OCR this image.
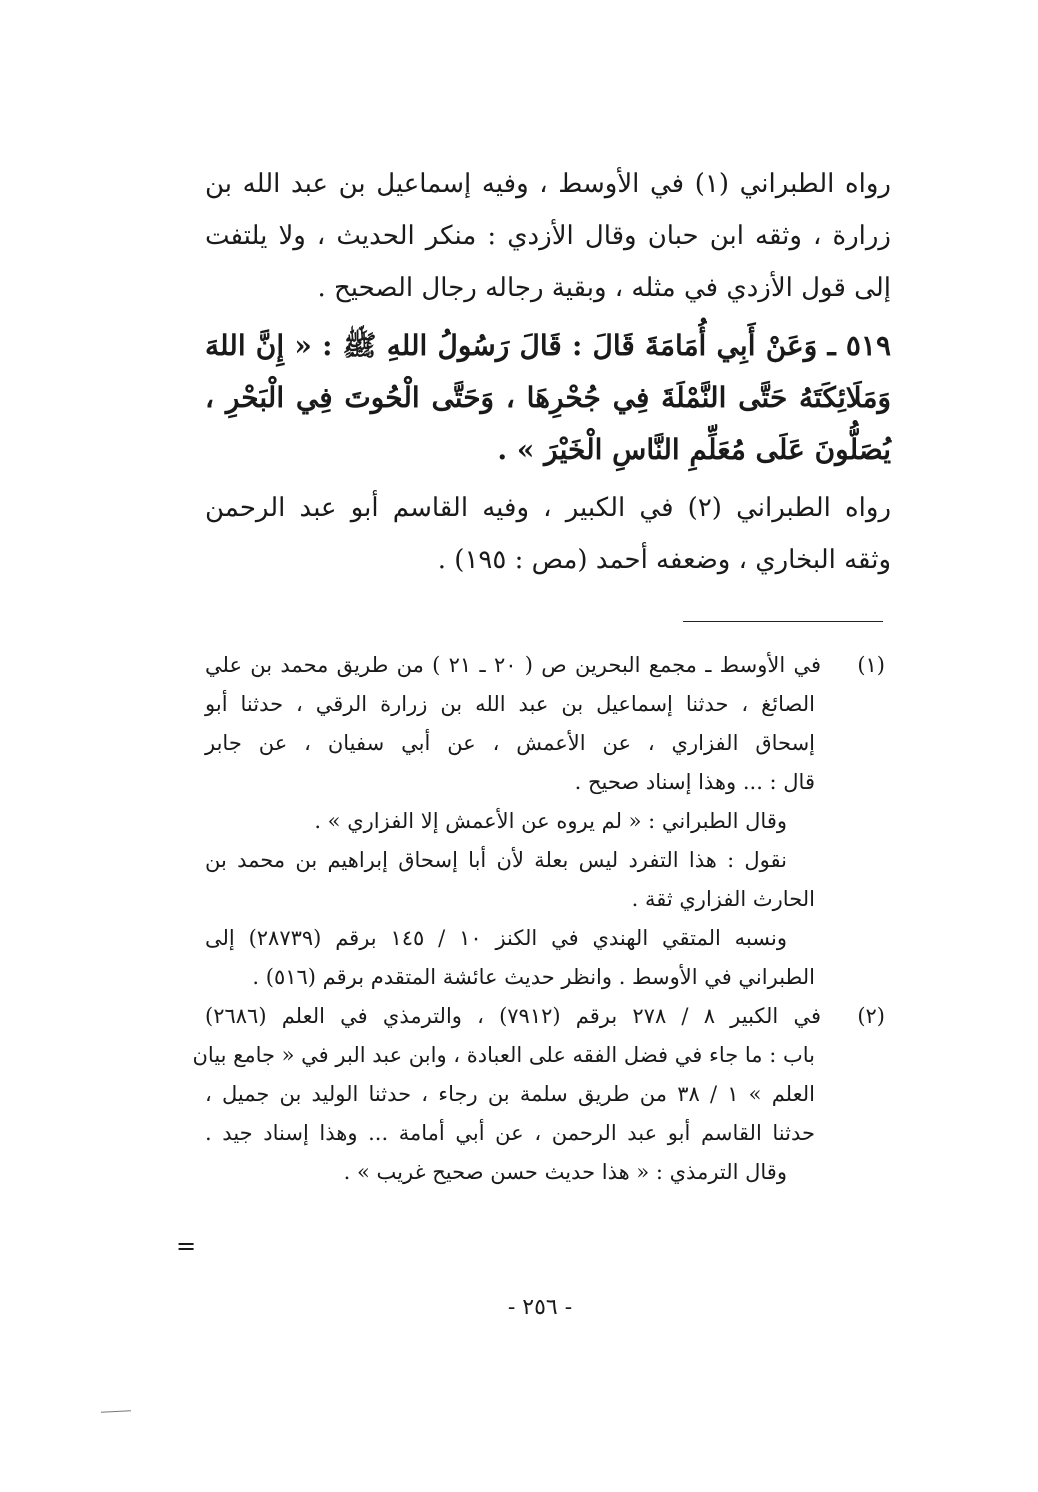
رواه الطبراني (١) في الأوسط ، وفيه إسماعيل بن عبد الله بن
زرارة ، وثقه ابن حبان وقال الأزدي : منكر الحديث ، ولا يلتفت
إلى قول الأزدي في مثله ، وبقية رجاله رجال الصحيح .
٥١٩ ـ وَعَنْ أَبِي أُمَامَةَ قَالَ : قَالَ رَسُولُ اللهِ ﷺ : « إِنَّ اللهَ
وَمَلَائِكَتَهُ حَتَّى النَّمْلَةَ فِي جُحْرِهَا ، وَحَتَّى الْحُوتَ فِي الْبَحْرِ ،
يُصَلُّونَ عَلَى مُعَلِّمِ النَّاسِ الْخَيْرَ » .
رواه الطبراني (٢) في الكبير ، وفيه القاسم أبو عبد الرحمن
وثقه البخاري ، وضعفه أحمد (مص : ١٩٥) .
(١)في الأوسط ـ مجمع البحرين ص ( ٢٠ ـ ٢١ ) من طريق محمد بن علي
الصائغ ، حدثنا إسماعيل بن عبد الله بن زرارة الرقي ، حدثنا أبو
إسحاق الفزاري ، عن الأعمش ، عن أبي سفيان ، عن جابر
قال : ... وهذا إسناد صحيح .
وقال الطبراني : « لم يروه عن الأعمش إلا الفزاري » .
نقول : هذا التفرد ليس بعلة لأن أبا إسحاق إبراهيم بن محمد بن
الحارث الفزاري ثقة .
ونسبه المتقي الهندي في الكنز ١٠ / ١٤٥ برقم (٢٨٧٣٩) إلى
الطبراني في الأوسط . وانظر حديث عائشة المتقدم برقم (٥١٦) .
(٢)في الكبير ٨ / ٢٧٨ برقم (٧٩١٢) ، والترمذي في العلم (٢٦٨٦)
باب : ما جاء في فضل الفقه على العبادة ، وابن عبد البر في « جامع بيان
العلم » ١ / ٣٨ من طريق سلمة بن رجاء ، حدثنا الوليد بن جميل ،
حدثنا القاسم أبو عبد الرحمن ، عن أبي أمامة ... وهذا إسناد جيد .
وقال الترمذي : « هذا حديث حسن صحيح غريب » .
=
- ٢٥٦ -
